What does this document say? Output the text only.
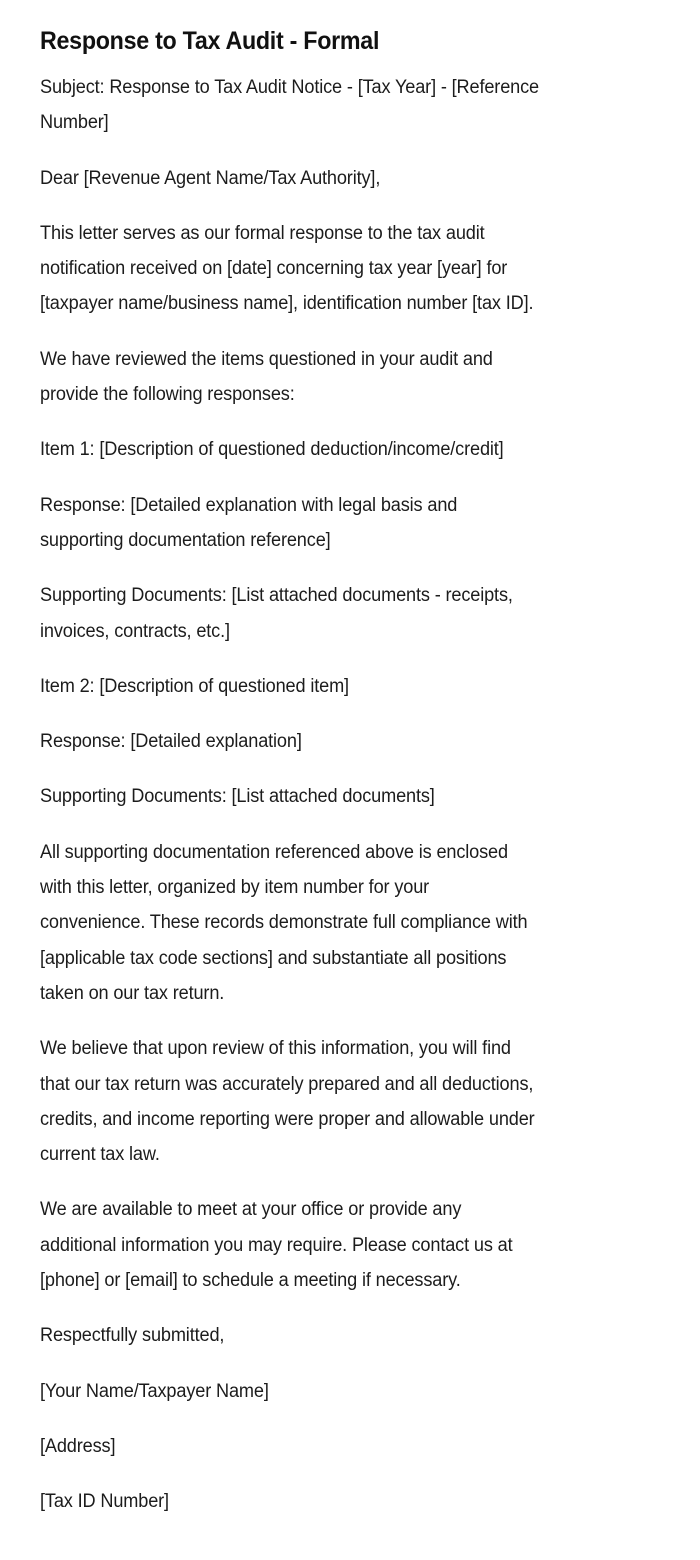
Response to Tax Audit - Formal

Subject: Response to Tax Audit Notice - [Tax Year] - [Reference
Number]

Dear [Revenue Agent Name/Tax Authority],

This letter serves as our formal response to the tax audit
notification received on [date] concerning tax year [year] for
[taxpayer name/business name], identification number [tax ID].

We have reviewed the items questioned in your audit and
provide the following responses:

Item 1: [Description of questioned deduction/income/credit]

Response: [Detailed explanation with legal basis and
supporting documentation reference]

Supporting Documents: [List attached documents - receipts,
invoices, contracts, etc.]

Item 2: [Description of questioned item]

Response: [Detailed explanation]

Supporting Documents: [List attached documents]

All supporting documentation referenced above is enclosed
with this letter, organized by item number for your
convenience. These records demonstrate full compliance with
[applicable tax code sections] and substantiate all positions
taken on our tax return.

We believe that upon review of this information, you will find
that our tax return was accurately prepared and all deductions,
credits, and income reporting were proper and allowable under
current tax law.

We are available to meet at your office or provide any
additional information you may require. Please contact us at
[phone] or [email] to schedule a meeting if necessary.

Respectfully submitted,

[Your Name/Taxpayer Name]

[Address]

[Tax ID Number]
